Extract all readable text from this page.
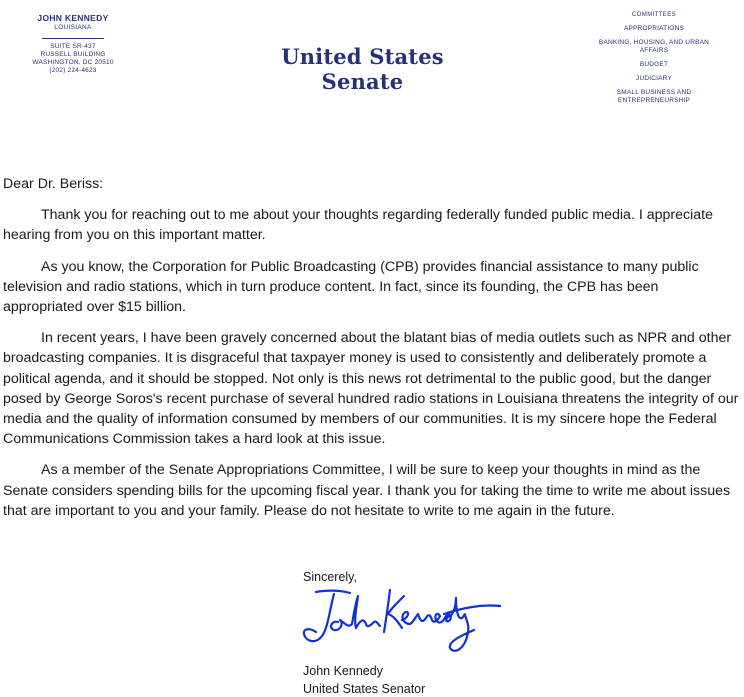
JOHN KENNEDY
LOUISIANA
SUITE SR-437
RUSSELL BUILDING
WASHINGTON, DC 20510
(202) 224-4623
United States Senate
COMMITTEES
APPROPRIATIONS
BANKING, HOUSING, AND URBAN AFFAIRS
BUDGET
JUDICIARY
SMALL BUSINESS AND ENTREPRENEURSHIP

Dear Dr. Beriss:

Thank you for reaching out to me about your thoughts regarding federally funded public media. I appreciate hearing from you on this important matter.

As you know, the Corporation for Public Broadcasting (CPB) provides financial assistance to many public television and radio stations, which in turn produce content. In fact, since its founding, the CPB has been appropriated over $15 billion.

In recent years, I have been gravely concerned about the blatant bias of media outlets such as NPR and other broadcasting companies. It is disgraceful that taxpayer money is used to consistently and deliberately promote a political agenda, and it should be stopped. Not only is this news rot detrimental to the public good, but the danger posed by George Soros's recent purchase of several hundred radio stations in Louisiana threatens the integrity of our media and the quality of information consumed by members of our communities. It is my sincere hope the Federal Communications Commission takes a hard look at this issue.

As a member of the Senate Appropriations Committee, I will be sure to keep your thoughts in mind as the Senate considers spending bills for the upcoming fiscal year. I thank you for taking the time to write me about issues that are important to you and your family. Please do not hesitate to write to me again in the future.

Sincerely,
John Kennedy
United States Senator
